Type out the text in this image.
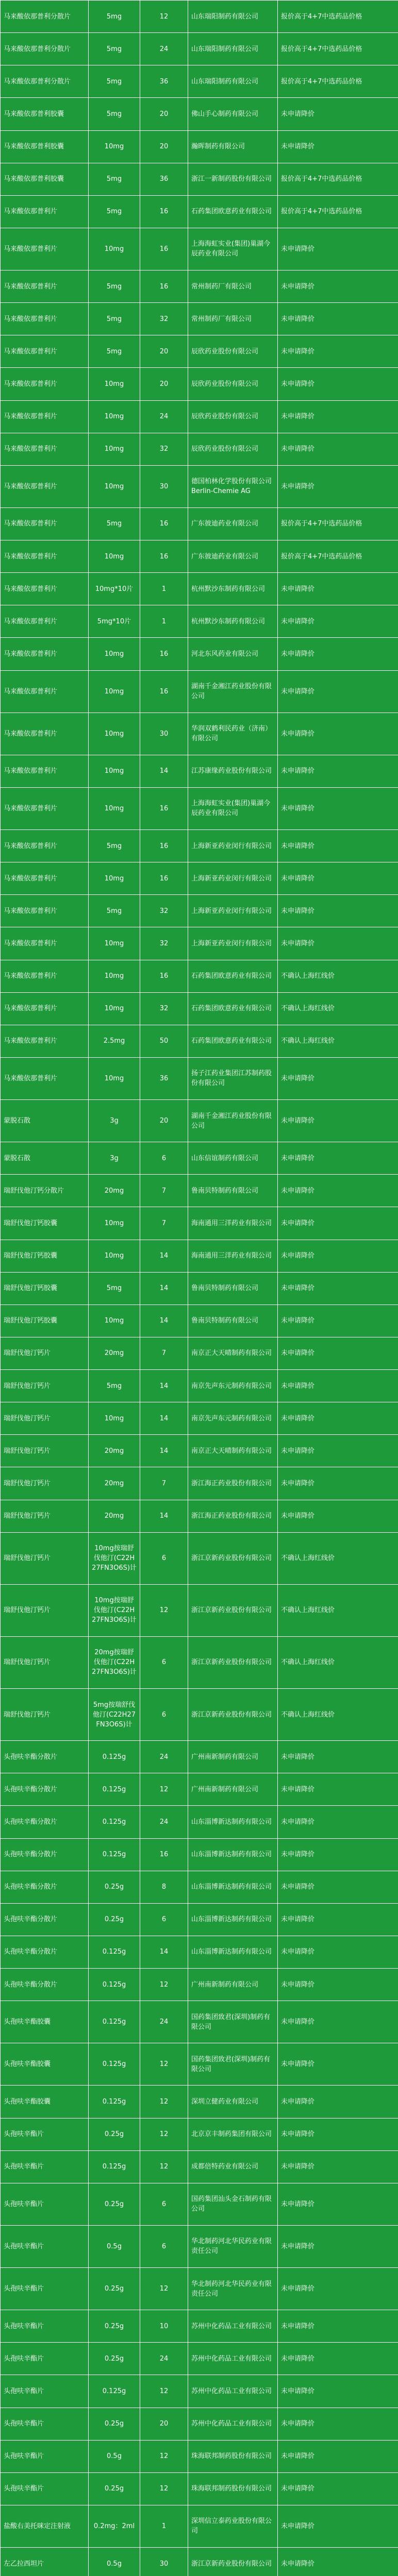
马来酸依那普利分散片	5mg	12	山东瑞阳制药有限公司	报价高于4+7中选药品价格
马来酸依那普利分散片	5mg	24	山东瑞阳制药有限公司	报价高于4+7中选药品价格
马来酸依那普利分散片	5mg	36	山东瑞阳制药有限公司	报价高于4+7中选药品价格
马来酸依那普利胶囊	5mg	20	佛山手心制药有限公司	未申请降价
马来酸依那普利胶囊	10mg	20	瀚晖制药有限公司	未申请降价
马来酸依那普利胶囊	5mg	36	浙江一新制药股份有限公司	报价高于4+7中选药品价格
马来酸依那普利片	5mg	16	石药集团欧意药业有限公司	报价高于4+7中选药品价格
马来酸依那普利片	10mg	16	上海海虹实业(集团)巢湖今辰药业有限公司	未申请降价
马来酸依那普利片	5mg	16	常州制药厂有限公司	未申请降价
马来酸依那普利片	5mg	32	常州制药厂有限公司	未申请降价
马来酸依那普利片	5mg	20	辰欣药业股份有限公司	未申请降价
马来酸依那普利片	10mg	20	辰欣药业股份有限公司	未申请降价
马来酸依那普利片	10mg	24	辰欣药业股份有限公司	未申请降价
马来酸依那普利片	10mg	32	辰欣药业股份有限公司	未申请降价
马来酸依那普利片	10mg	30	德国柏林化学股份有限公司 Berlin-Chemie AG	未申请降价
马来酸依那普利片	5mg	16	广东彼迪药业有限公司	报价高于4+7中选药品价格
马来酸依那普利片	10mg	16	广东彼迪药业有限公司	报价高于4+7中选药品价格
马来酸依那普利片	10mg*10片	1	杭州默沙东制药有限公司	未申请降价
马来酸依那普利片	5mg*10片	1	杭州默沙东制药有限公司	未申请降价
马来酸依那普利片	10mg	16	河北东风药业有限公司	未申请降价
马来酸依那普利片	10mg	16	湖南千金湘江药业股份有限公司	未申请降价
马来酸依那普利片	10mg	30	华润双鹤利民药业（济南）有限公司	未申请降价
马来酸依那普利片	10mg	14	江苏康缘药业股份有限公司	未申请降价
马来酸依那普利片	10mg	16	上海海虹实业(集团)巢湖今辰药业有限公司	未申请降价
马来酸依那普利片	5mg	16	上海新亚药业闵行有限公司	未申请降价
马来酸依那普利片	10mg	16	上海新亚药业闵行有限公司	未申请降价
马来酸依那普利片	5mg	32	上海新亚药业闵行有限公司	未申请降价
马来酸依那普利片	10mg	32	上海新亚药业闵行有限公司	未申请降价
马来酸依那普利片	10mg	16	石药集团欧意药业有限公司	不确认上海红线价
马来酸依那普利片	10mg	32	石药集团欧意药业有限公司	不确认上海红线价
马来酸依那普利片	2.5mg	50	石药集团欧意药业有限公司	不确认上海红线价
马来酸依那普利片	10mg	36	扬子江药业集团江苏制药股份有限公司	未申请降价
蒙脱石散	3g	20	湖南千金湘江药业股份有限公司	未申请降价
蒙脱石散	3g	6	山东信谊制药有限公司	未申请降价
瑞舒伐他汀钙分散片	20mg	7	鲁南贝特制药有限公司	未申请降价
瑞舒伐他汀钙胶囊	10mg	7	海南通用三洋药业有限公司	未申请降价
瑞舒伐他汀钙胶囊	10mg	14	海南通用三洋药业有限公司	未申请降价
瑞舒伐他汀钙胶囊	5mg	14	鲁南贝特制药有限公司	未申请降价
瑞舒伐他汀钙胶囊	10mg	14	鲁南贝特制药有限公司	未申请降价
瑞舒伐他汀钙片	20mg	7	南京正大天晴制药有限公司	未申请降价
瑞舒伐他汀钙片	5mg	14	南京先声东元制药有限公司	未申请降价
瑞舒伐他汀钙片	10mg	14	南京先声东元制药有限公司	未申请降价
瑞舒伐他汀钙片	20mg	14	南京正大天晴制药有限公司	未申请降价
瑞舒伐他汀钙片	20mg	7	浙江海正药业股份有限公司	未申请降价
瑞舒伐他汀钙片	20mg	14	浙江海正药业股份有限公司	未申请降价
瑞舒伐他汀钙片	10mg按瑞舒伐他汀(C22H27FN3O6S)计	6	浙江京新药业股份有限公司	不确认上海红线价
瑞舒伐他汀钙片	10mg按瑞舒伐他汀(C22H27FN3O6S)计	12	浙江京新药业股份有限公司	不确认上海红线价
瑞舒伐他汀钙片	20mg按瑞舒伐他汀(C22H27FN3O6S)计	6	浙江京新药业股份有限公司	不确认上海红线价
瑞舒伐他汀钙片	5mg按瑞舒伐他汀(C22H27FN3O6S)计	6	浙江京新药业股份有限公司	不确认上海红线价
头孢呋辛酯分散片	0.125g	24	广州南新制药有限公司	未申请降价
头孢呋辛酯分散片	0.125g	12	广州南新制药有限公司	未申请降价
头孢呋辛酯分散片	0.125g	24	山东淄博新达制药有限公司	未申请降价
头孢呋辛酯分散片	0.125g	16	山东淄博新达制药有限公司	未申请降价
头孢呋辛酯分散片	0.25g	8	山东淄博新达制药有限公司	未申请降价
头孢呋辛酯分散片	0.25g	6	山东淄博新达制药有限公司	未申请降价
头孢呋辛酯分散片	0.125g	14	山东淄博新达制药有限公司	未申请降价
头孢呋辛酯分散片	0.125g	12	广州南新制药有限公司	未申请降价
头孢呋辛酯胶囊	0.125g	24	国药集团致君(深圳)制药有限公司	未申请降价
头孢呋辛酯胶囊	0.125g	12	国药集团致君(深圳)制药有限公司	未申请降价
头孢呋辛酯胶囊	0.125g	12	深圳立健药业有限公司	未申请降价
头孢呋辛酯片	0.25g	12	北京京丰制药集团有限公司	未申请降价
头孢呋辛酯片	0.125g	12	成都倍特药业有限公司	未申请降价
头孢呋辛酯片	0.25g	6	国药集团汕头金石制药有限公司	未申请降价
头孢呋辛酯片	0.5g	6	华北制药河北华民药业有限责任公司	未申请降价
头孢呋辛酯片	0.25g	12	华北制药河北华民药业有限责任公司	未申请降价
头孢呋辛酯片	0.25g	10	苏州中化药品工业有限公司	未申请降价
头孢呋辛酯片	0.25g	24	苏州中化药品工业有限公司	未申请降价
头孢呋辛酯片	0.125g	12	苏州中化药品工业有限公司	未申请降价
头孢呋辛酯片	0.25g	20	苏州中化药品工业有限公司	未申请降价
头孢呋辛酯片	0.5g	12	珠海联邦制药股份有限公司	未申请降价
头孢呋辛酯片	0.25g	12	珠海联邦制药股份有限公司	未申请降价
盐酸右美托咪定注射液	0.2mg：2ml	1	深圳信立泰药业股份有限公司	未申请降价
左乙拉西坦片	0.5g	30	浙江京新药业股份有限公司	未申请降价
